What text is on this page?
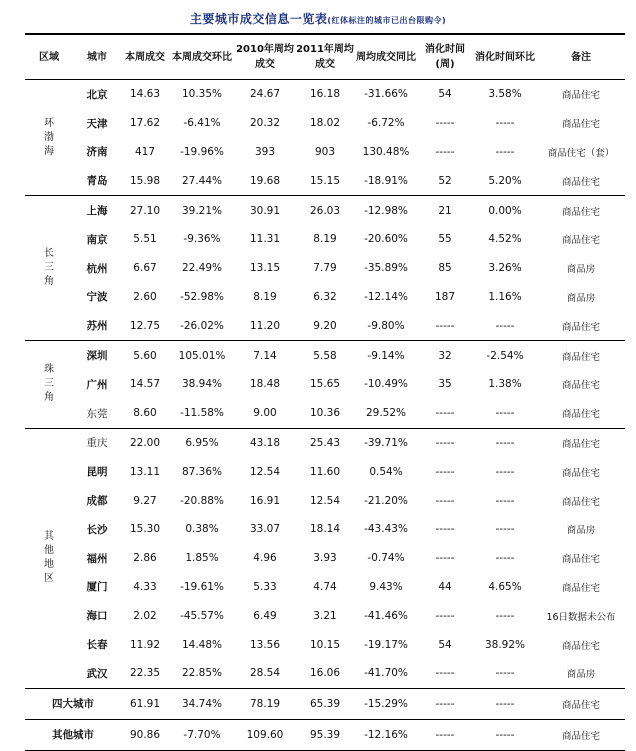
主要城市成交信息一览表(红体标注的城市已出台限购令)
区域	城市	本周成交	本周成交环比	2010年周均成交	2011年周均成交	周均成交同比	消化时间(周)	消化时间环比	备注
环渤海	北京	14.63	10.35%	24.67	16.18	-31.66%	54	3.58%	商品住宅
	天津	17.62	-6.41%	20.32	18.02	-6.72%	-----	-----	商品住宅
	济南	417	-19.96%	393	903	130.48%	-----	-----	商品住宅（套）
	青岛	15.98	27.44%	19.68	15.15	-18.91%	52	5.20%	商品住宅
长三角	上海	27.10	39.21%	30.91	26.03	-12.98%	21	0.00%	商品住宅
	南京	5.51	-9.36%	11.31	8.19	-20.60%	55	4.52%	商品住宅
	杭州	6.67	22.49%	13.15	7.79	-35.89%	85	3.26%	商品房
	宁波	2.60	-52.98%	8.19	6.32	-12.14%	187	1.16%	商品房
	苏州	12.75	-26.02%	11.20	9.20	-9.80%	-----	-----	商品住宅
珠三角	深圳	5.60	105.01%	7.14	5.58	-9.14%	32	-2.54%	商品住宅
	广州	14.57	38.94%	18.48	15.65	-10.49%	35	1.38%	商品住宅
	东莞	8.60	-11.58%	9.00	10.36	29.52%	-----	-----	商品住宅
其他地区	重庆	22.00	6.95%	43.18	25.43	-39.71%	-----	-----	商品住宅
	昆明	13.11	87.36%	12.54	11.60	0.54%	-----	-----	商品住宅
	成都	9.27	-20.88%	16.91	12.54	-21.20%	-----	-----	商品住宅
	长沙	15.30	0.38%	33.07	18.14	-43.43%	-----	-----	商品房
	福州	2.86	1.85%	4.96	3.93	-0.74%	-----	-----	商品住宅
	厦门	4.33	-19.61%	5.33	4.74	9.43%	44	4.65%	商品住宅
	海口	2.02	-45.57%	6.49	3.21	-41.46%	-----	-----	16日数据未公布
	长春	11.92	14.48%	13.56	10.15	-19.17%	54	38.92%	商品住宅
	武汉	22.35	22.85%	28.54	16.06	-41.70%	-----	-----	商品房
四大城市		61.91	34.74%	78.19	65.39	-15.29%	-----	-----	商品住宅
其他城市		90.86	-7.70%	109.60	95.39	-12.16%	-----	-----	商品住宅
